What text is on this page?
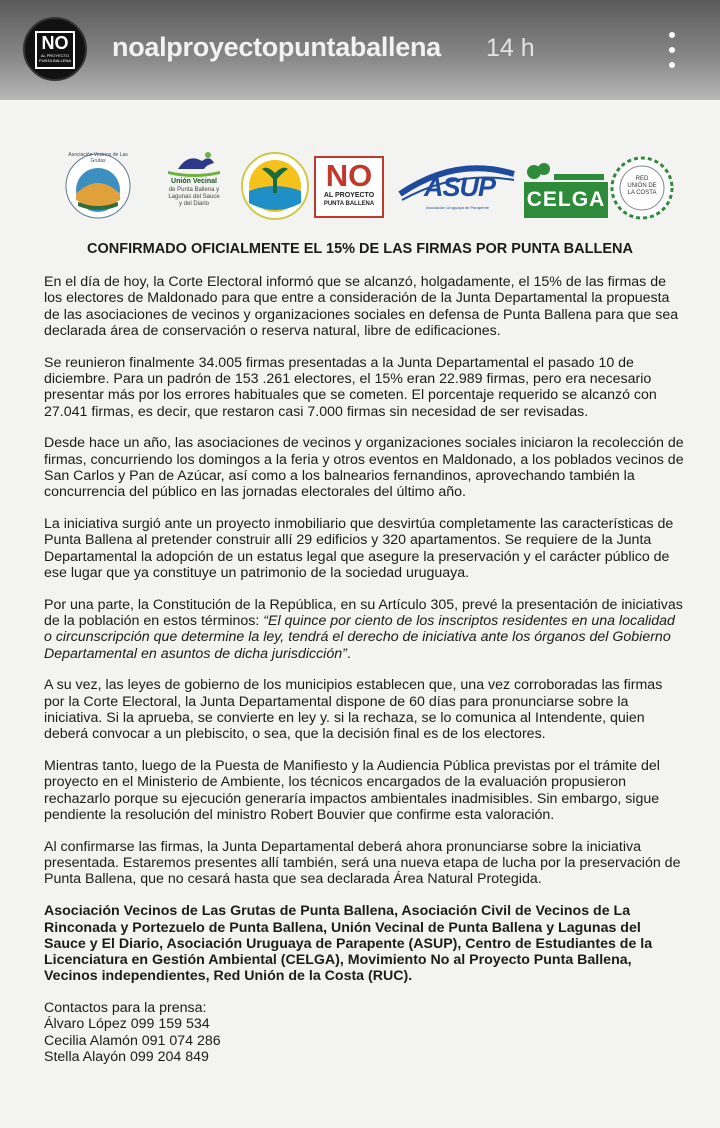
NO
AL PROYECTO PUNTA BALLENA noalproyectopuntaballena 14 h
Asociación Vecinos de Las Grutas
Unión Vecinal
de Punta Ballena y
Lagunas del Sauce
y del Diario
NO
AL PROYECTO
PUNTA BALLENA
ASUP
Asociación Uruguaya de Parapente CELGA
RED
UNIÓN DE
LA COSTA
CONFIRMADO OFICIALMENTE EL 15% DE LAS FIRMAS POR PUNTA BALLENA

En el día de hoy, la Corte Electoral informó que se alcanzó, holgadamente, el 15% de las firmas de los electores de Maldonado para que entre a consideración de la Junta Departamental la propuesta de las asociaciones de vecinos y organizaciones sociales en defensa de Punta Ballena para que sea declarada área de conservación o reserva natural, libre de edificaciones.

Se reunieron finalmente 34.005 firmas presentadas a la Junta Departamental el pasado 10 de diciembre. Para un padrón de 153 .261 electores, el 15% eran 22.989 firmas, pero era necesario presentar más por los errores habituales que se cometen. El porcentaje requerido se alcanzó con 27.041 firmas, es decir, que restaron casi 7.000 firmas sin necesidad de ser revisadas.

Desde hace un año, las asociaciones de vecinos y organizaciones sociales iniciaron la recolección de firmas, concurriendo los domingos a la feria y otros eventos en Maldonado, a los poblados vecinos de San Carlos y Pan de Azúcar, así como a los balnearios fernandinos, aprovechando también la concurrencia del público en las jornadas electorales del último año.

La iniciativa surgió ante un proyecto inmobiliario que desvirtúa completamente las características de Punta Ballena al pretender construir allí 29 edificios y 320 apartamentos. Se requiere de la Junta Departamental la adopción de un estatus legal que asegure la preservación y el carácter público de ese lugar que ya constituye un patrimonio de la sociedad uruguaya.

Por una parte, la Constitución de la República, en su Artículo 305, prevé la presentación de iniciativas de la población en estos términos: “El quince por ciento de los inscriptos residentes en una localidad o circunscripción que determine la ley, tendrá el derecho de iniciativa ante los órganos del Gobierno Departamental en asuntos de dicha jurisdicción”.

A su vez, las leyes de gobierno de los municipios establecen que, una vez corroboradas las firmas por la Corte Electoral, la Junta Departamental dispone de 60 días para pronunciarse sobre la iniciativa. Si la aprueba, se convierte en ley y. si la rechaza, se lo comunica al Intendente, quien deberá convocar a un plebiscito, o sea, que la decisión final es de los electores.

Mientras tanto, luego de la Puesta de Manifiesto y la Audiencia Pública previstas por el trámite del proyecto en el Ministerio de Ambiente, los técnicos encargados de la evaluación propusieron rechazarlo porque su ejecución generaría impactos ambientales inadmisibles. Sin embargo, sigue pendiente la resolución del ministro Robert Bouvier que confirme esta valoración.

Al confirmarse las firmas, la Junta Departamental deberá ahora pronunciarse sobre la iniciativa presentada. Estaremos presentes allí también, será una nueva etapa de lucha por la preservación de Punta Ballena, que no cesará hasta que sea declarada Área Natural Protegida.

Asociación Vecinos de Las Grutas de Punta Ballena, Asociación Civil de Vecinos de La Rinconada y Portezuelo de Punta Ballena, Unión Vecinal de Punta Ballena y Lagunas del Sauce y El Diario, Asociación Uruguaya de Parapente (ASUP), Centro de Estudiantes de la Licenciatura en Gestión Ambiental (CELGA), Movimiento No al Proyecto Punta Ballena, Vecinos independientes, Red Unión de la Costa (RUC).

Contactos para la prensa:

Álvaro López 099 159 534

Cecilia Alamón 091 074 286

Stella Alayón 099 204 849
